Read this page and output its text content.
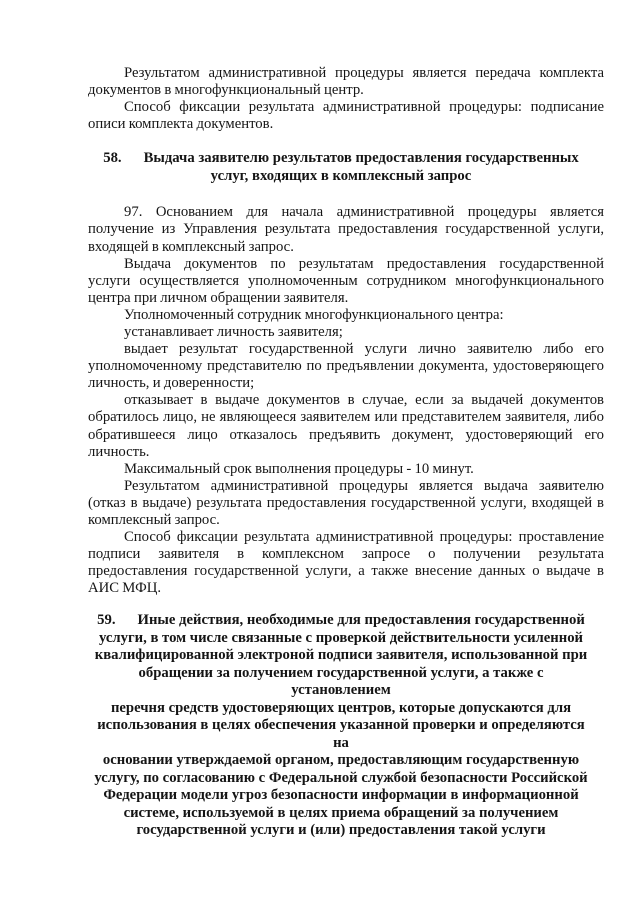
Результатом административной процедуры является передача комплекта
документов в многофункциональный центр.
Способ фиксации результата административной процедуры: подписание
описи комплекта документов.
58. Выдача заявителю результатов предоставления государственных
услуг, входящих в комплексный запрос
97. Основанием для начала административной процедуры является
получение из Управления результата предоставления государственной услуги,
входящей в комплексный запрос.
Выдача документов по результатам предоставления государственной
услуги осуществляется уполномоченным сотрудником многофункционального
центра при личном обращении заявителя.
Уполномоченный сотрудник многофункционального центра:
устанавливает личность заявителя;
выдает результат государственной услуги лично заявителю либо его
уполномоченному представителю по предъявлении документа, удостоверяющего
личность, и доверенности;
отказывает в выдаче документов в случае, если за выдачей документов
обратилось лицо, не являющееся заявителем или представителем заявителя, либо
обратившееся лицо отказалось предъявить документ, удостоверяющий его
личность.
Максимальный срок выполнения процедуры - 10 минут.
Результатом административной процедуры является выдача заявителю
(отказ в выдаче) результата предоставления государственной услуги, входящей в
комплексный запрос.
Способ фиксации результата административной процедуры: проставление
подписи заявителя в комплексном запросе о получении результата
предоставления государственной услуги, а также внесение данных о выдаче в
АИС МФЦ.
59. Иные действия, необходимые для предоставления государственной
услуги, в том числе связанные с проверкой действительности усиленной
квалифицированной электроной подписи заявителя, использованной при
обращении за получением государственной услуги, а также с установлением
перечня средств удостоверяющих центров, которые допускаются для
использования в целях обеспечения указанной проверки и определяются на
основании утверждаемой органом, предоставляющим государственную
услугу, по согласованию с Федеральной службой безопасности Российской
Федерации модели угроз безопасности информации в информационной
системе, используемой в целях приема обращений за получением
государственной услуги и (или) предоставления такой услуги
